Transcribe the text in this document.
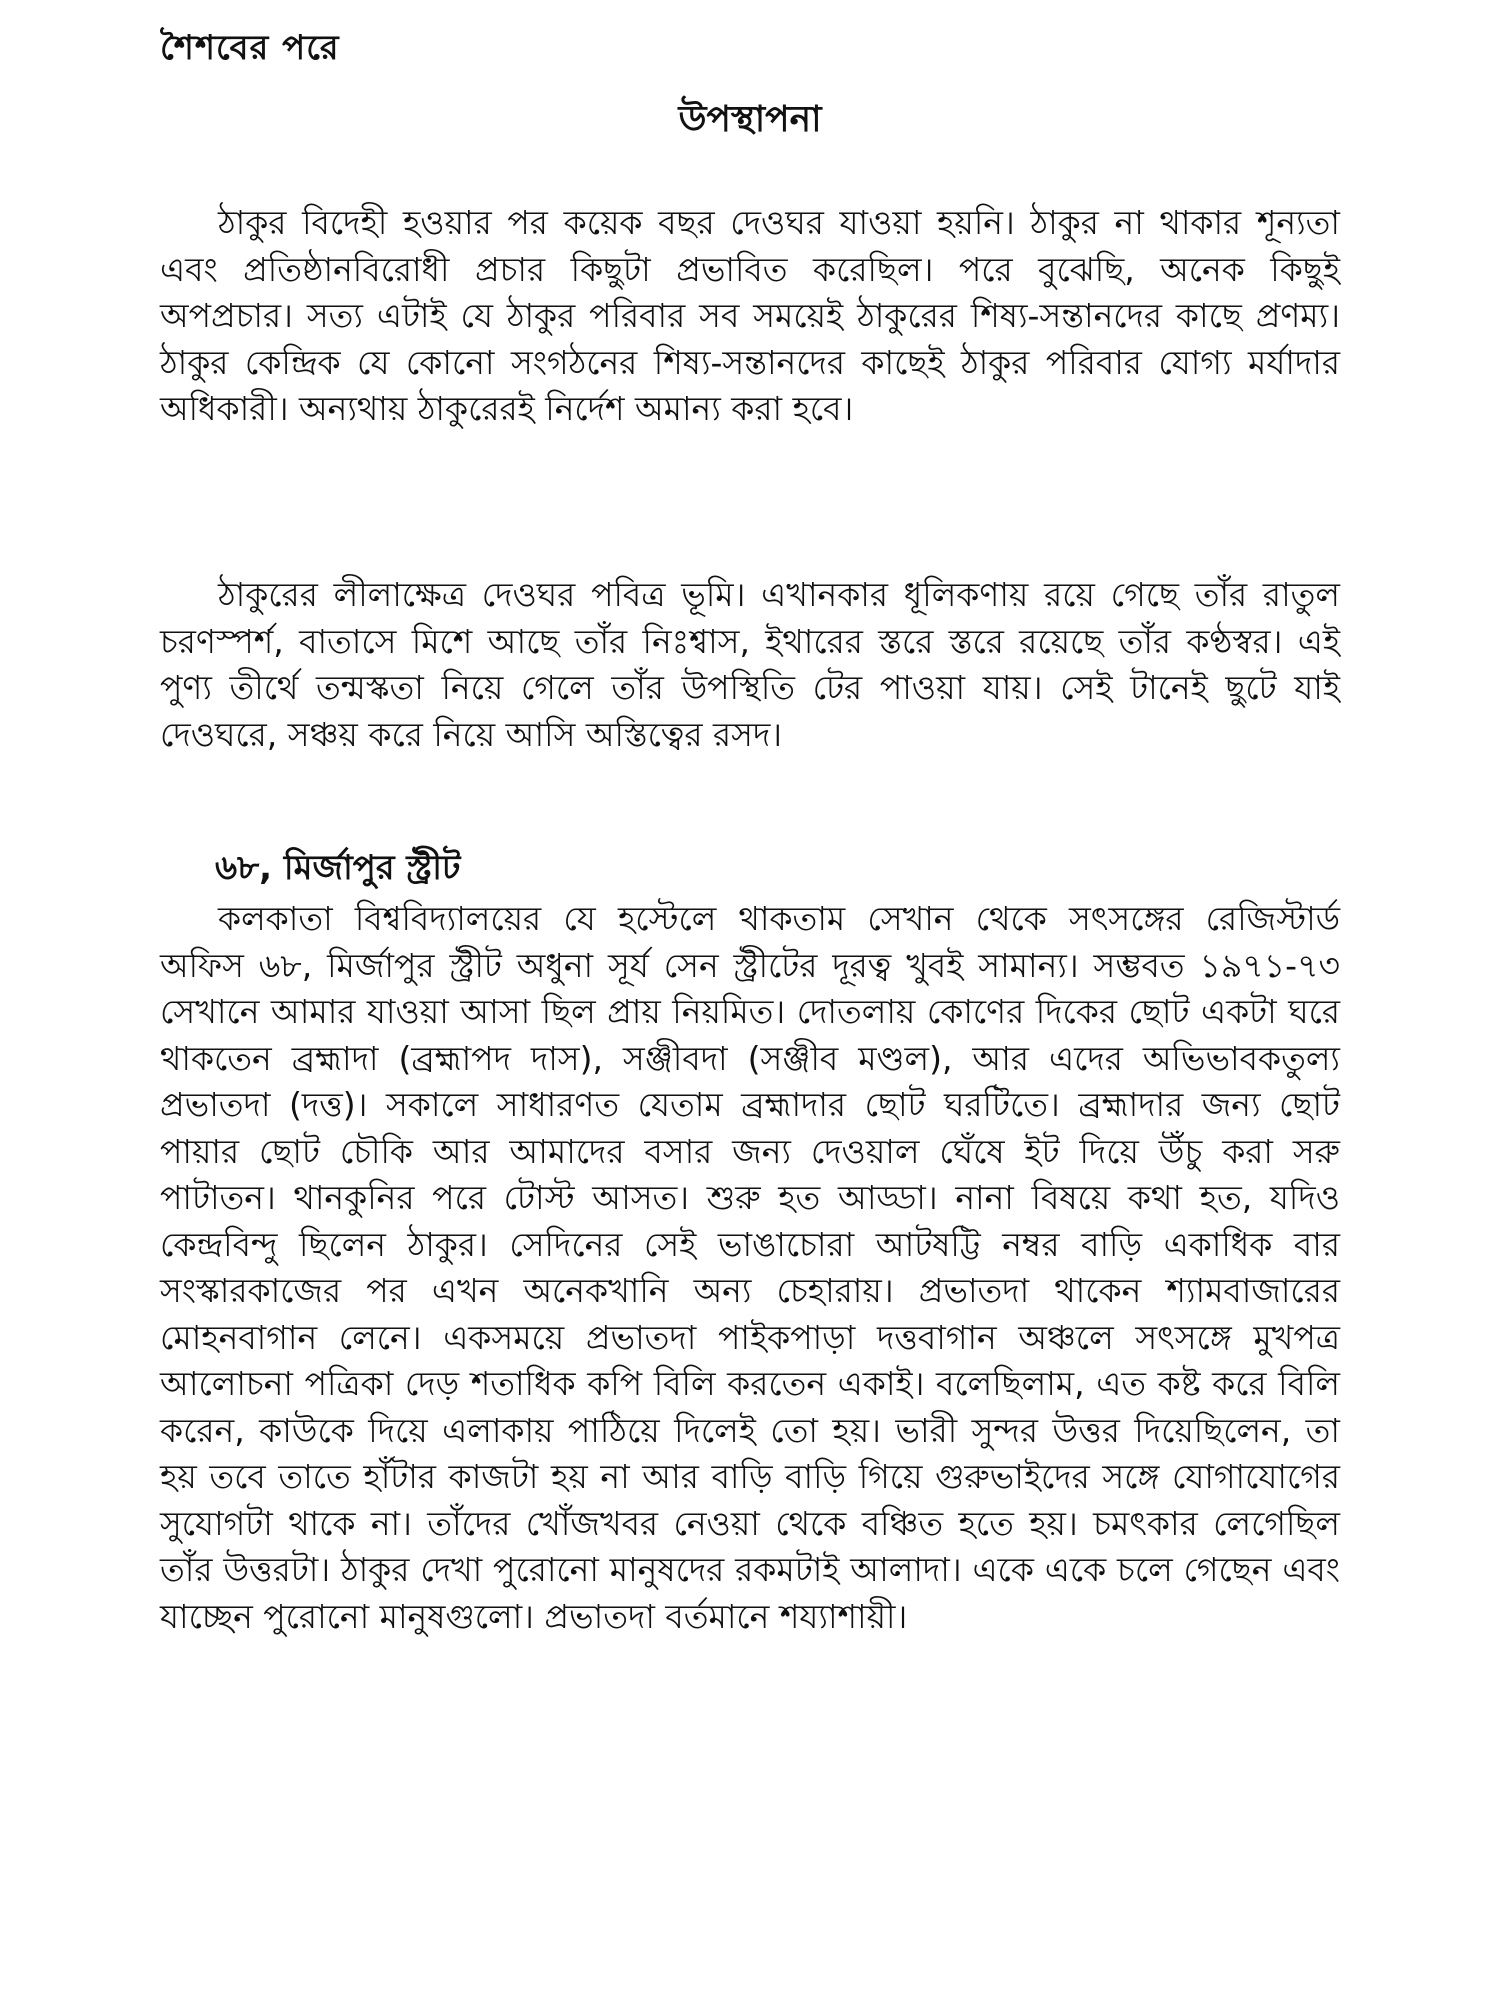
শৈশবের পরে
উপস্থাপনা

ঠাকুর বিদেহী হওয়ার পর কয়েক বছর দেওঘর যাওয়া হয়নি। ঠাকুর না থাকার শূন্যতা এবং প্রতিষ্ঠানবিরোধী প্রচার কিছুটা প্রভাবিত করেছিল। পরে বুঝেছি, অনেক কিছুই অপপ্রচার। সত্য এটাই যে ঠাকুর পরিবার সব সময়েই ঠাকুরের শিষ্য-সন্তানদের কাছে প্রণম্য। ঠাকুর কেন্দ্রিক যে কোনো সংগঠনের শিষ্য-সন্তানদের কাছেই ঠাকুর পরিবার যোগ্য মর্যাদার অধিকারী। অন্যথায় ঠাকুরেরই নির্দেশ অমান্য করা হবে।

ঠাকুরের লীলাক্ষেত্র দেওঘর পবিত্র ভূমি। এখানকার ধূলিকণায় রয়ে গেছে তাঁর রাতুল চরণস্পর্শ, বাতাসে মিশে আছে তাঁর নিঃশ্বাস, ইথারের স্তরে স্তরে রয়েছে তাঁর কণ্ঠস্বর। এই পুণ্য তীর্থে তন্মস্কতা নিয়ে গেলে তাঁর উপস্থিতি টের পাওয়া যায়। সেই টানেই ছুটে যাই দেওঘরে, সঞ্চয় করে নিয়ে আসি অস্তিত্বের রসদ।

৬৮, মির্জাপুর স্ট্রীট

কলকাতা বিশ্ববিদ্যালয়ের যে হস্টেলে থাকতাম সেখান থেকে সৎসঙ্গের রেজিস্টার্ড অফিস ৬৮, মির্জাপুর স্ট্রীট অধুনা সূর্য সেন স্ট্রীটের দূরত্ব খুবই সামান্য। সম্ভবত ১৯৭১-৭৩ সেখানে আমার যাওয়া আসা ছিল প্রায় নিয়মিত। দোতলায় কোণের দিকের ছোট একটা ঘরে থাকতেন ব্রহ্মাদা (ব্রহ্মাপদ দাস), সঞ্জীবদা (সঞ্জীব মণ্ডল), আর এদের অভিভাবকতুল্য প্রভাতদা (দত্ত)। সকালে সাধারণত যেতাম ব্রহ্মাদার ছোট ঘরটিতে। ব্রহ্মাদার জন্য ছোট পায়ার ছোট চৌকি আর আমাদের বসার জন্য দেওয়াল ঘেঁষে ইট দিয়ে উঁচু করা সরু পাটাতন। থানকুনির পরে টোস্ট আসত। শুরু হত আড্ডা। নানা বিষয়ে কথা হত, যদিও কেন্দ্রবিন্দু ছিলেন ঠাকুর। সেদিনের সেই ভাঙাচোরা আটষট্টি নম্বর বাড়ি একাধিক বার সংস্কারকাজের পর এখন অনেকখানি অন্য চেহারায়। প্রভাতদা থাকেন শ্যামবাজারের মোহনবাগান লেনে। একসময়ে প্রভাতদা পাইকপাড়া দত্তবাগান অঞ্চলে সৎসঙ্গে মুখপত্র আলোচনা পত্রিকা দেড় শতাধিক কপি বিলি করতেন একাই। বলেছিলাম, এত কষ্ট করে বিলি করেন, কাউকে দিয়ে এলাকায় পাঠিয়ে দিলেই তো হয়। ভারী সুন্দর উত্তর দিয়েছিলেন, তা হয় তবে তাতে হাঁটার কাজটা হয় না আর বাড়ি বাড়ি গিয়ে গুরুভাইদের সঙ্গে যোগাযোগের সুযোগটা থাকে না। তাঁদের খোঁজখবর নেওয়া থেকে বঞ্চিত হতে হয়। চমৎকার লেগেছিল তাঁর উত্তরটা। ঠাকুর দেখা পুরোনো মানুষদের রকমটাই আলাদা। একে একে চলে গেছেন এবং যাচ্ছেন পুরোনো মানুষগুলো। প্রভাতদা বর্তমানে শয্যাশায়ী।
